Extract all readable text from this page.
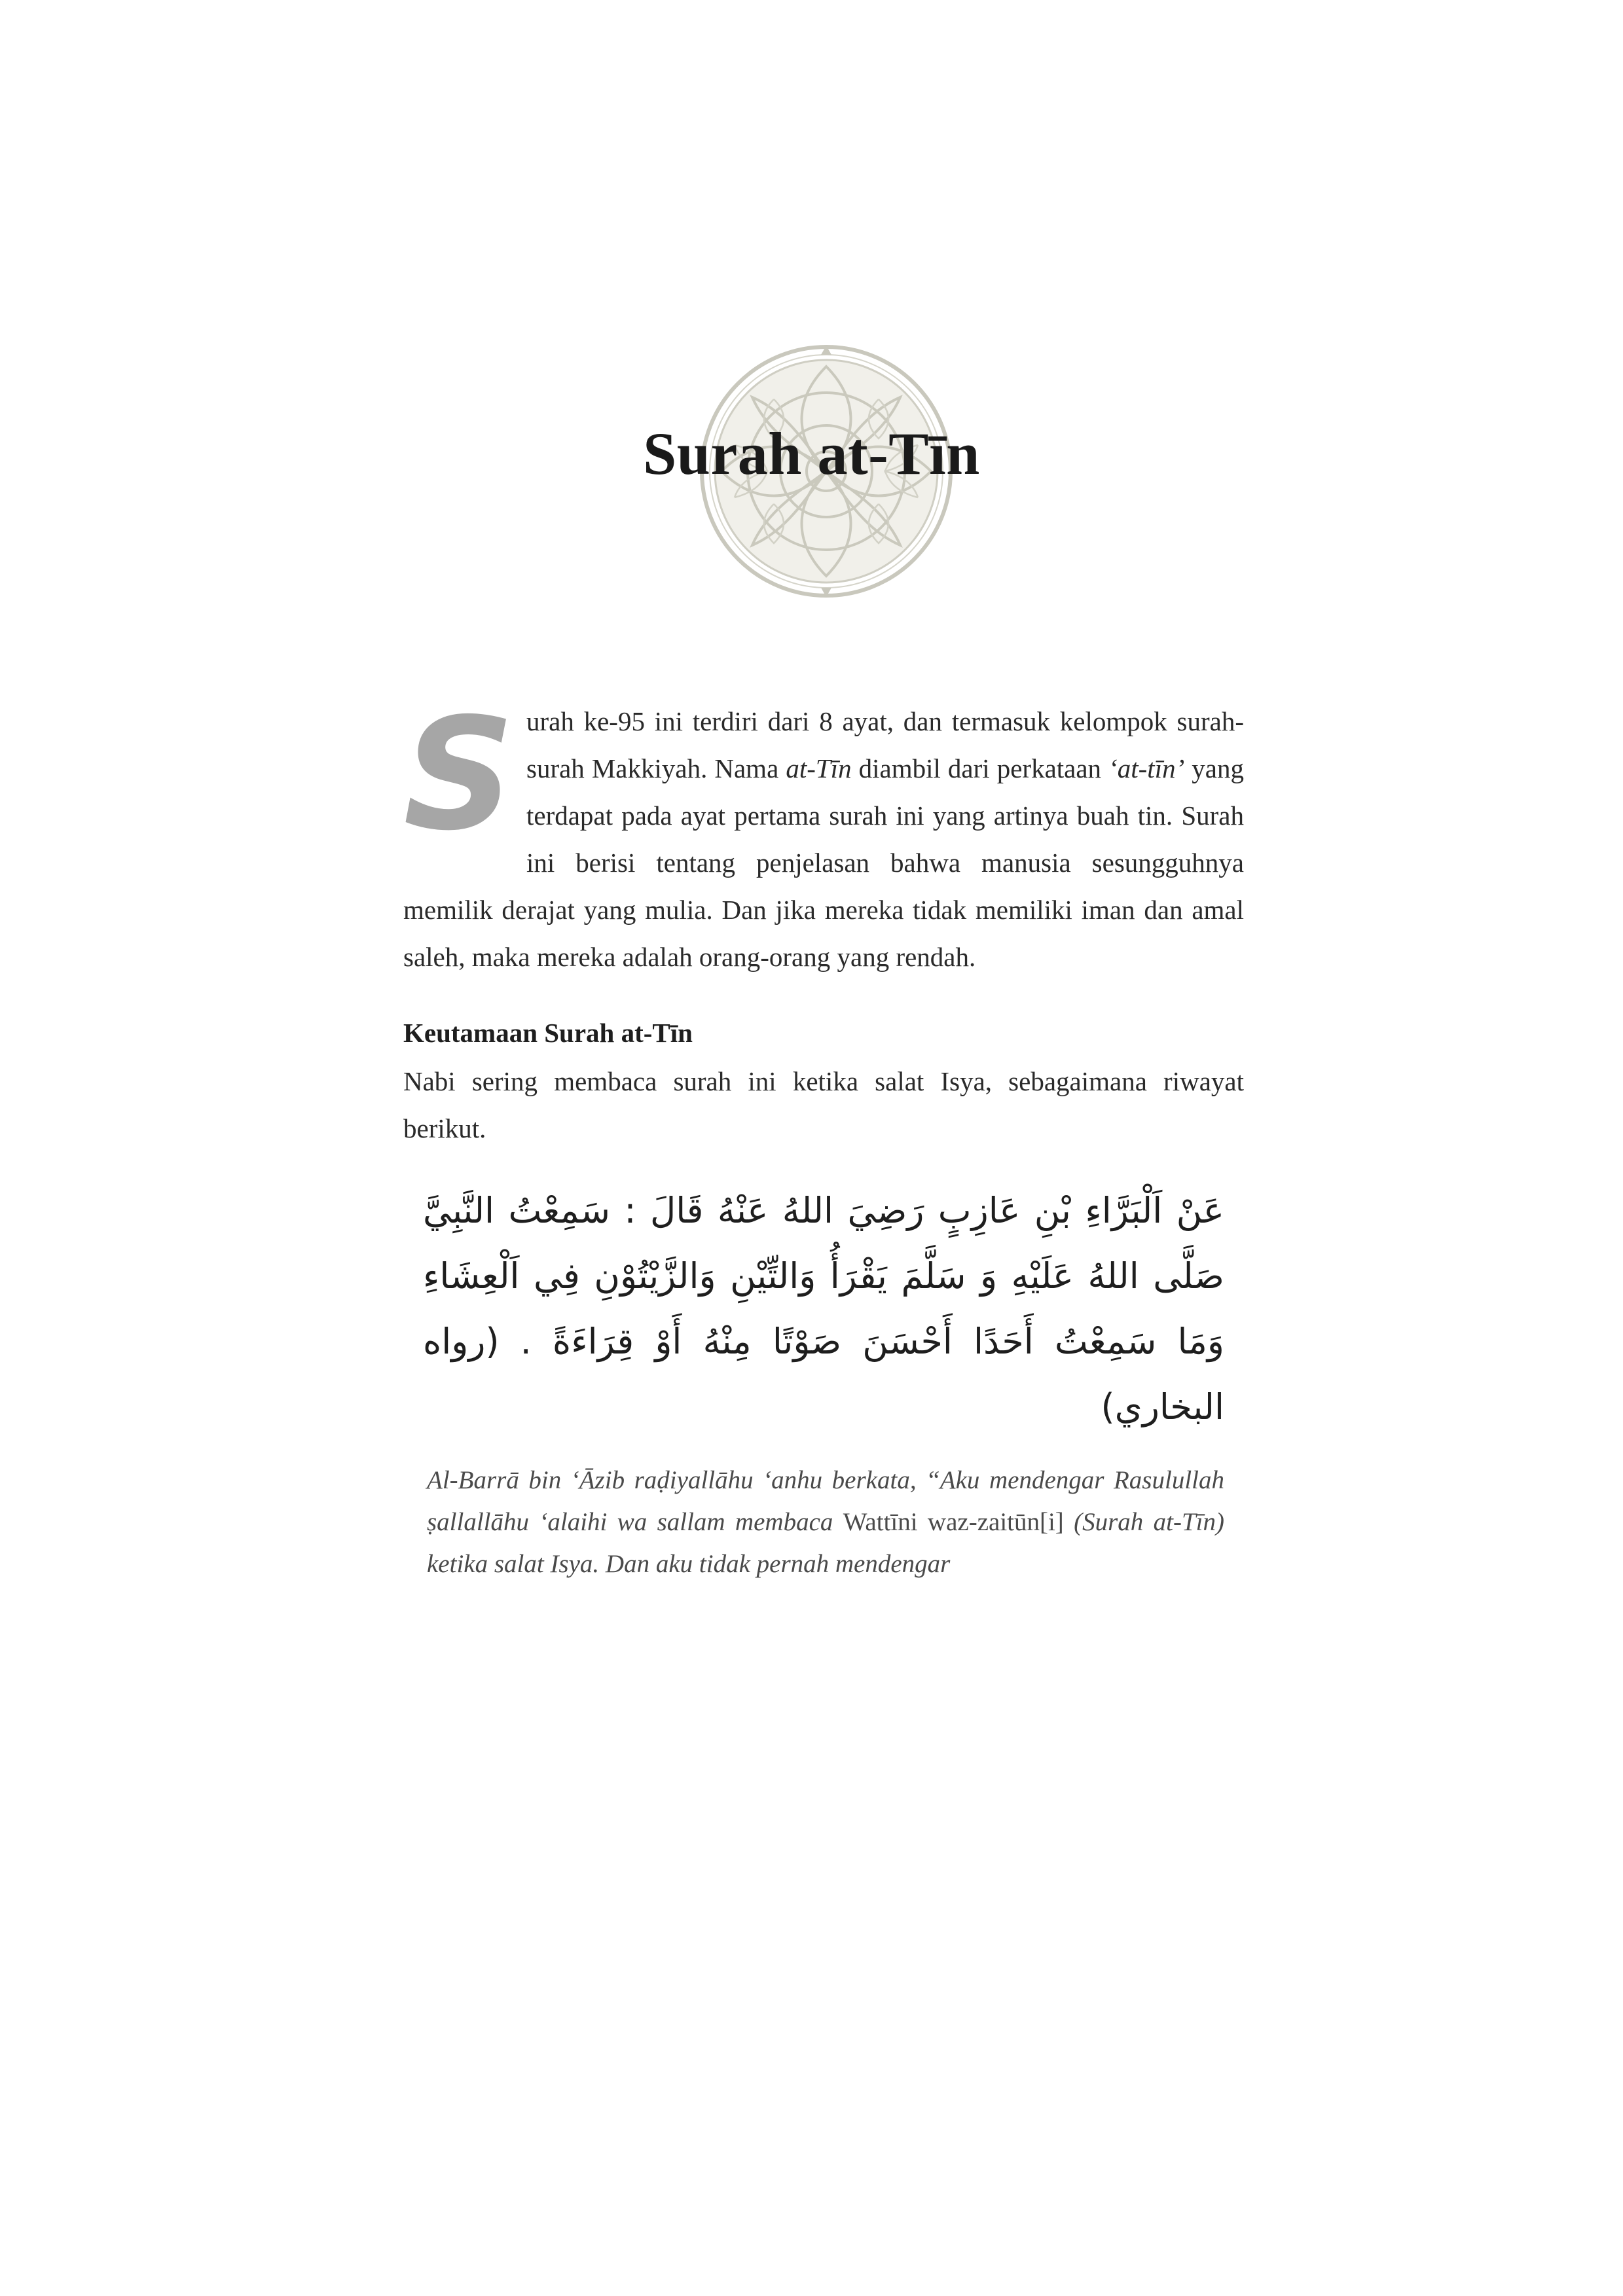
Surah at-Tīn

Surah ke-95 ini terdiri dari 8 ayat, dan termasuk kelompok surah-surah Makkiyah. Nama at-Tīn diambil dari perkataan ‘at-tīn’ yang terdapat pada ayat pertama surah ini yang artinya buah tin. Surah ini berisi tentang penjelasan bahwa manusia sesungguhnya memilik derajat yang mulia. Dan jika mereka tidak memiliki iman dan amal saleh, maka mereka adalah orang-orang yang rendah.

Keutamaan Surah at-Tīn

Nabi sering membaca surah ini ketika salat Isya, sebagaimana riwayat berikut.

عَنْ اَلْبَرَّاءِ بْنِ عَازِبٍ رَضِيَ اللهُ عَنْهُ قَالَ : سَمِعْتُ النَّبِيَّ صَلَّى اللهُ عَلَيْهِ وَ سَلَّمَ يَقْرَأُ وَالتِّيْنِ وَالزَّيْتُوْنِ فِي اَلْعِشَاءِ وَمَا سَمِعْتُ أَحَدًا أَحْسَنَ صَوْتًا مِنْهُ أَوْ قِرَاءَةً . (رواه البخاري)

Al-Barrā bin ‘Āzib raḍiyallāhu ‘anhu berkata, “Aku mendengar Rasulullah ṣallallāhu ‘alaihi wa sallam membaca Wattīni waz-zaitūn[i] (Surah at-Tīn) ketika salat Isya. Dan aku tidak pernah mendengar
